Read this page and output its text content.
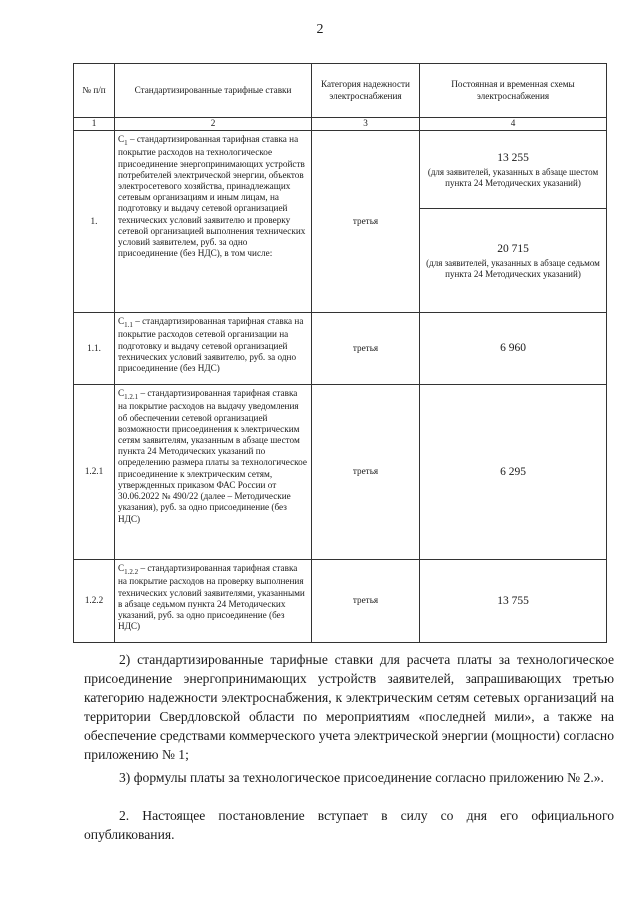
2
№ п/п	Стандартизированные тарифные ставки	Категория надежности электроснабжения	Постоянная и временная схемы электроснабжения
1	2	3	4
1.	$C_1$ – стандартизированная тарифная ставка на покрытие расходов на технологическое присоединение энергопринимающих устройств потребителей электрической энергии, объектов электросетевого хозяйства, принадлежащих сетевым организациям и иным лицам, на подготовку и выдачу сетевой организацией технических условий заявителю и проверку сетевой организацией выполнения технических условий заявителем, руб. за одно присоединение (без НДС), в том числе:	третья	13 255
(для заявителей, указанных в абзаце шестом пункта 24 Методических указаний)

			20 715
(для заявителей, указанных в абзаце седьмом пункта 24 Методических указаний)

1.1.	$C_{1.1}$ – стандартизированная тарифная ставка на покрытие расходов сетевой организации на подготовку и выдачу сетевой организацией технических условий заявителю, руб. за одно присоединение (без НДС)	третья	6 960
1.2.1	$C_{1.2.1}$ – стандартизированная тарифная ставка на покрытие расходов на выдачу уведомления об обеспечении сетевой организацией возможности присоединения к электрическим сетям заявителям, указанным в абзаце шестом пункта 24 Методических указаний по определению размера платы за технологическое присоединение к электрическим сетям, утвержденных приказом ФАС России от 30.06.2022 № 490/22 (далее – Методические указания), руб. за одно присоединение (без НДС)	третья	6 295
1.2.2	$C_{1.2.2}$ – стандартизированная тарифная ставка на покрытие расходов на проверку выполнения технических условий заявителями, указанными в абзаце седьмом пункта 24 Методических указаний, руб. за одно присоединение (без НДС)	третья	13 755
2) стандартизированные тарифные ставки для расчета платы за технологическое присоединение энергопринимающих устройств заявителей, запрашивающих третью категорию надежности электроснабжения, к электрическим сетям сетевых организаций на территории Свердловской области по мероприятиям «последней мили», а также на обеспечение средствами коммерческого учета электрической энергии (мощности) согласно приложению № 1;
3) формулы платы за технологическое присоединение согласно приложению № 2.».
2. Настоящее постановление вступает в силу со дня его официального опубликования.
